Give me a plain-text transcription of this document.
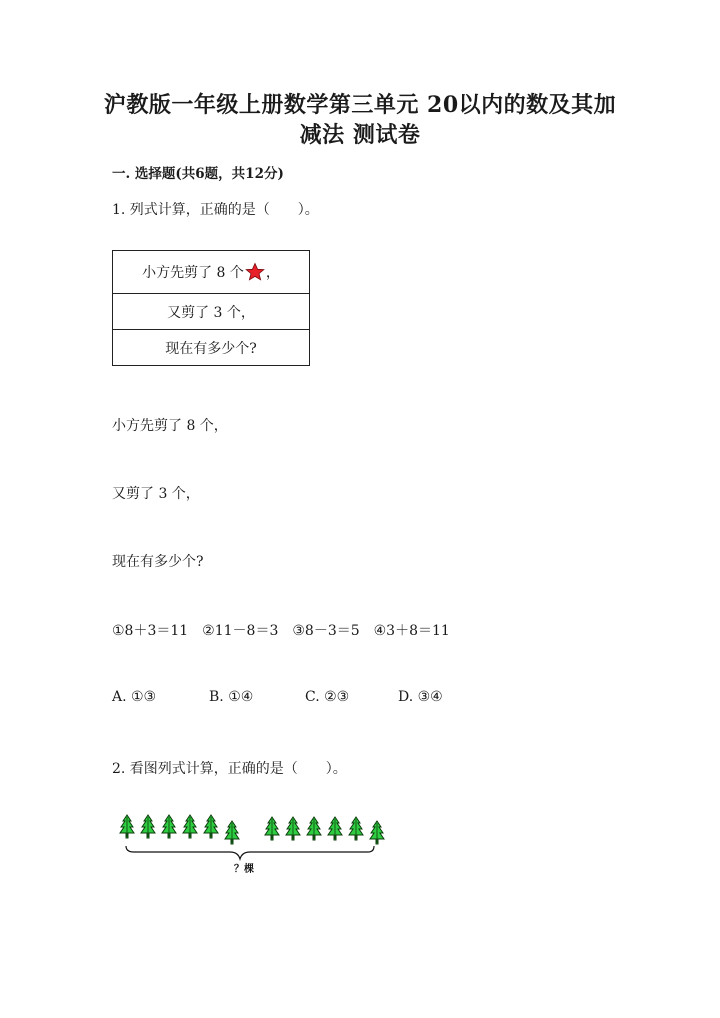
沪教版一年级上册数学第三单元 20以内的数及其加
减法 测试卷
一. 选择题(共6题，共12分)
1. 列式计算，正确的是（　　）。
小方先剪了 8 个 ，
又剪了 3 个，
现在有多少个?
小方先剪了 8 个，
又剪了 3 个，
现在有多少个?
①8＋3＝11　②11－8＝3　③8－3＝5　④3＋8＝11
A. ①③	B. ①④	C. ②③	D. ③④
2. 看图列式计算，正确的是（　　）。
？棵
